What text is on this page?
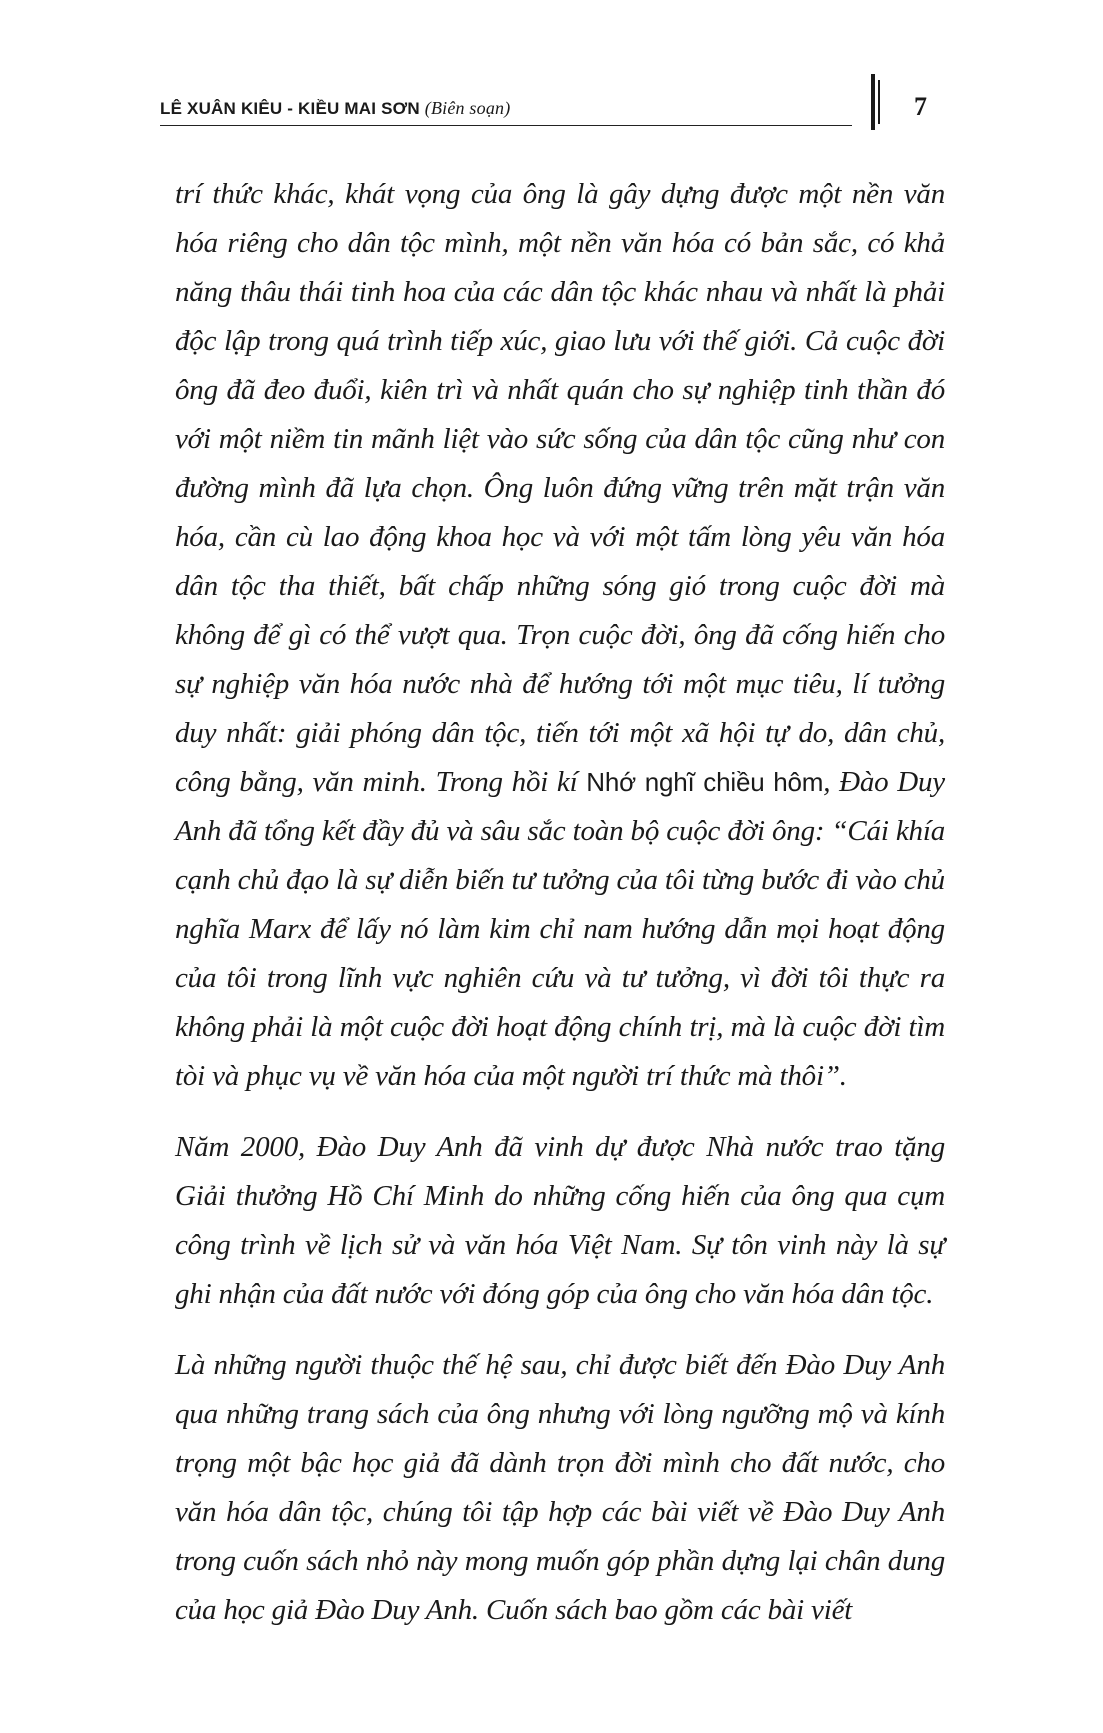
LÊ XUÂN KIÊU - KIỀU MAI SƠN (Biên soạn)	7

trí thức khác, khát vọng của ông là gây dựng được một nền văn hóa riêng cho dân tộc mình, một nền văn hóa có bản sắc, có khả năng thâu thái tinh hoa của các dân tộc khác nhau và nhất là phải độc lập trong quá trình tiếp xúc, giao lưu với thế giới. Cả cuộc đời ông đã đeo đuổi, kiên trì và nhất quán cho sự nghiệp tinh thần đó với một niềm tin mãnh liệt vào sức sống của dân tộc cũng như con đường mình đã lựa chọn. Ông luôn đứng vững trên mặt trận văn hóa, cần cù lao động khoa học và với một tấm lòng yêu văn hóa dân tộc tha thiết, bất chấp những sóng gió trong cuộc đời mà không để gì có thể vượt qua. Trọn cuộc đời, ông đã cống hiến cho sự nghiệp văn hóa nước nhà để hướng tới một mục tiêu, lí tưởng duy nhất: giải phóng dân tộc, tiến tới một xã hội tự do, dân chủ, công bằng, văn minh. Trong hồi kí Nhớ nghĩ chiều hôm, Đào Duy Anh đã tổng kết đầy đủ và sâu sắc toàn bộ cuộc đời ông: “Cái khía cạnh chủ đạo là sự diễn biến tư tưởng của tôi từng bước đi vào chủ nghĩa Marx để lấy nó làm kim chỉ nam hướng dẫn mọi hoạt động của tôi trong lĩnh vực nghiên cứu và tư tưởng, vì đời tôi thực ra không phải là một cuộc đời hoạt động chính trị, mà là cuộc đời tìm tòi và phục vụ về văn hóa của một người trí thức mà thôi”.

Năm 2000, Đào Duy Anh đã vinh dự được Nhà nước trao tặng Giải thưởng Hồ Chí Minh do những cống hiến của ông qua cụm công trình về lịch sử và văn hóa Việt Nam. Sự tôn vinh này là sự ghi nhận của đất nước với đóng góp của ông cho văn hóa dân tộc.

Là những người thuộc thế hệ sau, chỉ được biết đến Đào Duy Anh qua những trang sách của ông nhưng với lòng ngưỡng mộ và kính trọng một bậc học giả đã dành trọn đời mình cho đất nước, cho văn hóa dân tộc, chúng tôi tập hợp các bài viết về Đào Duy Anh trong cuốn sách nhỏ này mong muốn góp phần dựng lại chân dung của học giả Đào Duy Anh. Cuốn sách bao gồm các bài viết
